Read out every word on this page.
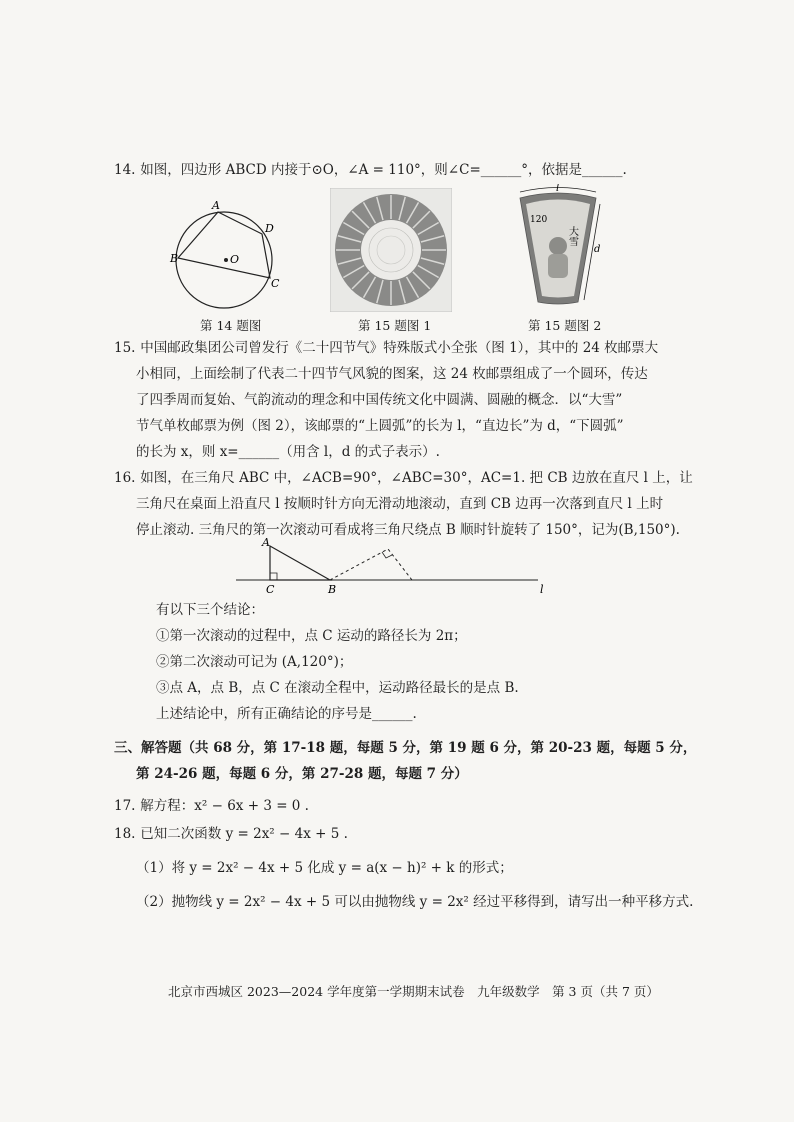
14. 如图，四边形 ABCD 内接于⊙O，∠A = 110°，则∠C=______°，依据是______.
A
B
C
D
O
第 14 题图	第 15 题图 1
120
大雪
l
d
第 15 题图 2
15. 中国邮政集团公司曾发行《二十四节气》特殊版式小全张（图 1），其中的 24 枚邮票大
小相同，上面绘制了代表二十四节气风貌的图案，这 24 枚邮票组成了一个圆环，传达
了四季周而复始、气韵流动的理念和中国传统文化中圆满、圆融的概念．以“大雪”
节气单枚邮票为例（图 2），该邮票的“上圆弧”的长为 l，“直边长”为 d，“下圆弧”
的长为 x，则 x=______（用含 l，d 的式子表示）.
16. 如图，在三角尺 ABC 中，∠ACB=90°，∠ABC=30°，AC=1. 把 CB 边放在直尺 l 上，让
三角尺在桌面上沿直尺 l 按顺时针方向无滑动地滚动，直到 CB 边再一次落到直尺 l 上时
停止滚动. 三角尺的第一次滚动可看成将三角尺绕点 B 顺时针旋转了 150°，记为(B,150°).
A
C	B	l
有以下三个结论：
①第一次滚动的过程中，点 C 运动的路径长为 2π；
②第二次滚动可记为 (A,120°)；
③点 A，点 B，点 C 在滚动全程中，运动路径最长的是点 B.
上述结论中，所有正确结论的序号是______.
三、解答题（共 68 分，第 17-18 题，每题 5 分，第 19 题 6 分，第 20-23 题，每题 5 分，
第 24-26 题，每题 6 分，第 27-28 题，每题 7 分）
17. 解方程：x² − 6x + 3 = 0 .
18. 已知二次函数 y = 2x² − 4x + 5 .
（1）将 y = 2x² − 4x + 5 化成 y = a(x − h)² + k 的形式；
（2）抛物线 y = 2x² − 4x + 5 可以由抛物线 y = 2x² 经过平移得到，请写出一种平移方式.
北京市西城区 2023—2024 学年度第一学期期末试卷　九年级数学　第 3 页（共 7 页）
